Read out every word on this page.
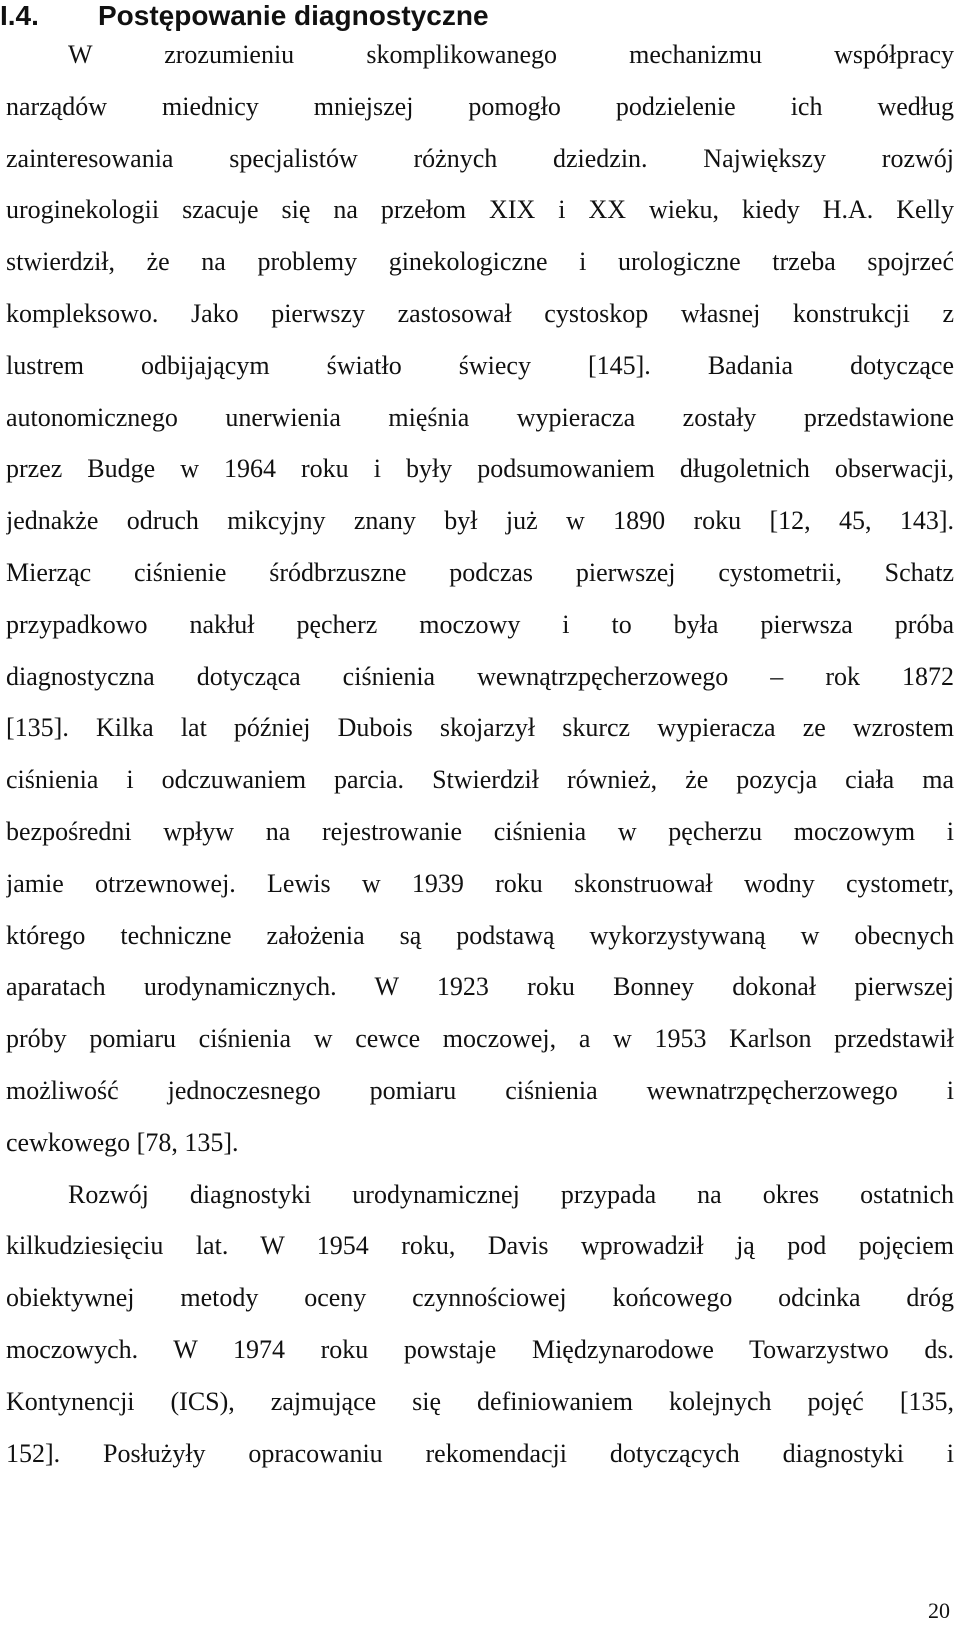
I.4. Postępowanie diagnostyczne
W zrozumieniu skomplikowanego mechanizmu współpracy
narządów miednicy mniejszej pomogło podzielenie ich według
zainteresowania specjalistów różnych dziedzin. Największy rozwój
uroginekologii szacuje się na przełom XIX i XX wieku, kiedy H.A. Kelly
stwierdził, że na problemy ginekologiczne i urologiczne trzeba spojrzeć
kompleksowo. Jako pierwszy zastosował cystoskop własnej konstrukcji z
lustrem odbijającym światło świecy [145]. Badania dotyczące
autonomicznego unerwienia mięśnia wypieracza zostały przedstawione
przez Budge w 1964 roku i były podsumowaniem długoletnich obserwacji,
jednakże odruch mikcyjny znany był już w 1890 roku [12, 45, 143].
Mierząc ciśnienie śródbrzuszne podczas pierwszej cystometrii, Schatz
przypadkowo nakłuł pęcherz moczowy i to była pierwsza próba
diagnostyczna dotycząca ciśnienia wewnątrzpęcherzowego – rok 1872
[135]. Kilka lat później Dubois skojarzył skurcz wypieracza ze wzrostem
ciśnienia i odczuwaniem parcia. Stwierdził również, że pozycja ciała ma
bezpośredni wpływ na rejestrowanie ciśnienia w pęcherzu moczowym i
jamie otrzewnowej. Lewis w 1939 roku skonstruował wodny cystometr,
którego techniczne założenia są podstawą wykorzystywaną w obecnych
aparatach urodynamicznych. W 1923 roku Bonney dokonał pierwszej
próby pomiaru ciśnienia w cewce moczowej, a w 1953 Karlson przedstawił
możliwość jednoczesnego pomiaru ciśnienia wewnatrzpęcherzowego i
cewkowego [78, 135].
Rozwój diagnostyki urodynamicznej przypada na okres ostatnich
kilkudziesięciu lat. W 1954 roku, Davis wprowadził ją pod pojęciem
obiektywnej metody oceny czynnościowej końcowego odcinka dróg
moczowych. W 1974 roku powstaje Międzynarodowe Towarzystwo ds.
Kontynencji (ICS), zajmujące się definiowaniem kolejnych pojęć [135,
152]. Posłużyły opracowaniu rekomendacji dotyczących diagnostyki i
20
